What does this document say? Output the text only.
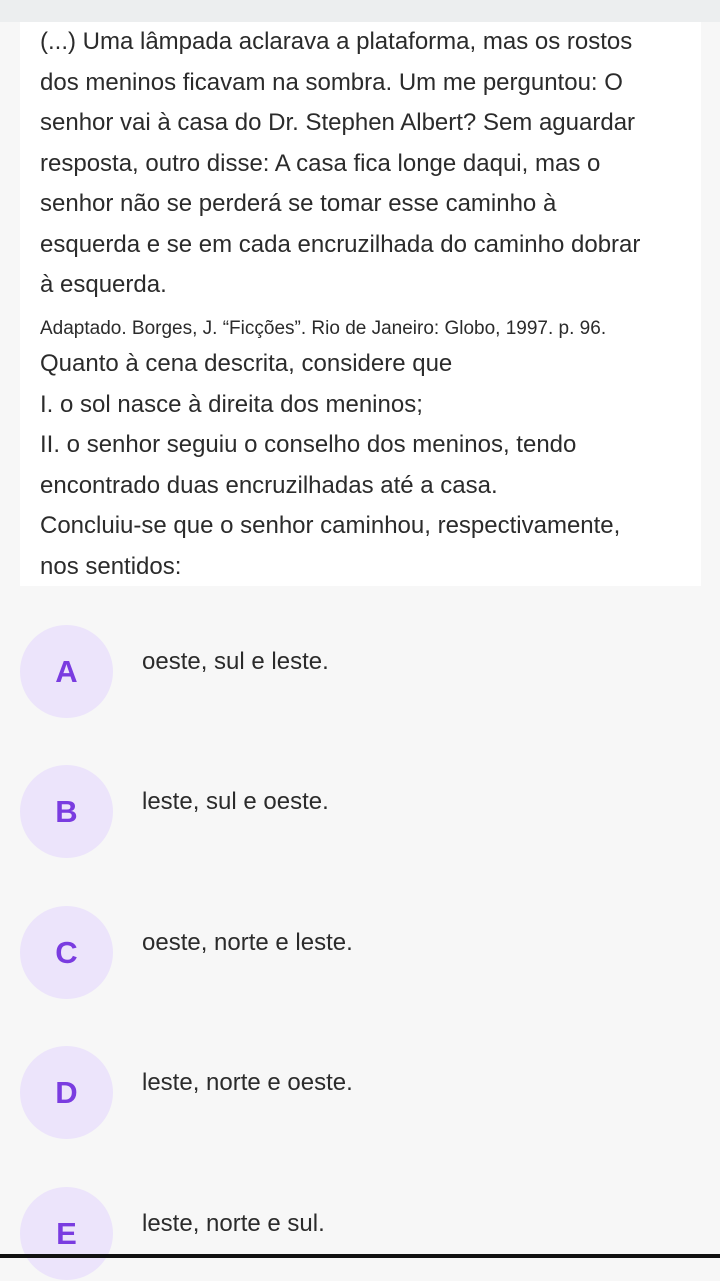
(...) Uma lâmpada aclarava a plataforma, mas os rostos
dos meninos ficavam na sombra. Um me perguntou: O
senhor vai à casa do Dr. Stephen Albert? Sem aguardar
resposta, outro disse: A casa fica longe daqui, mas o
senhor não se perderá se tomar esse caminho à
esquerda e se em cada encruzilhada do caminho dobrar
à esquerda.
Adaptado. Borges, J. “Ficções”. Rio de Janeiro: Globo, 1997. p. 96.
Quanto à cena descrita, considere que
I. o sol nasce à direita dos meninos;
II. o senhor seguiu o conselho dos meninos, tendo
encontrado duas encruzilhadas até a casa.
Concluiu-se que o senhor caminhou, respectivamente,
nos sentidos:
A	oeste, sul e leste.
B	leste, sul e oeste.
C	oeste, norte e leste.
D	leste, norte e oeste.
E	leste, norte e sul.
